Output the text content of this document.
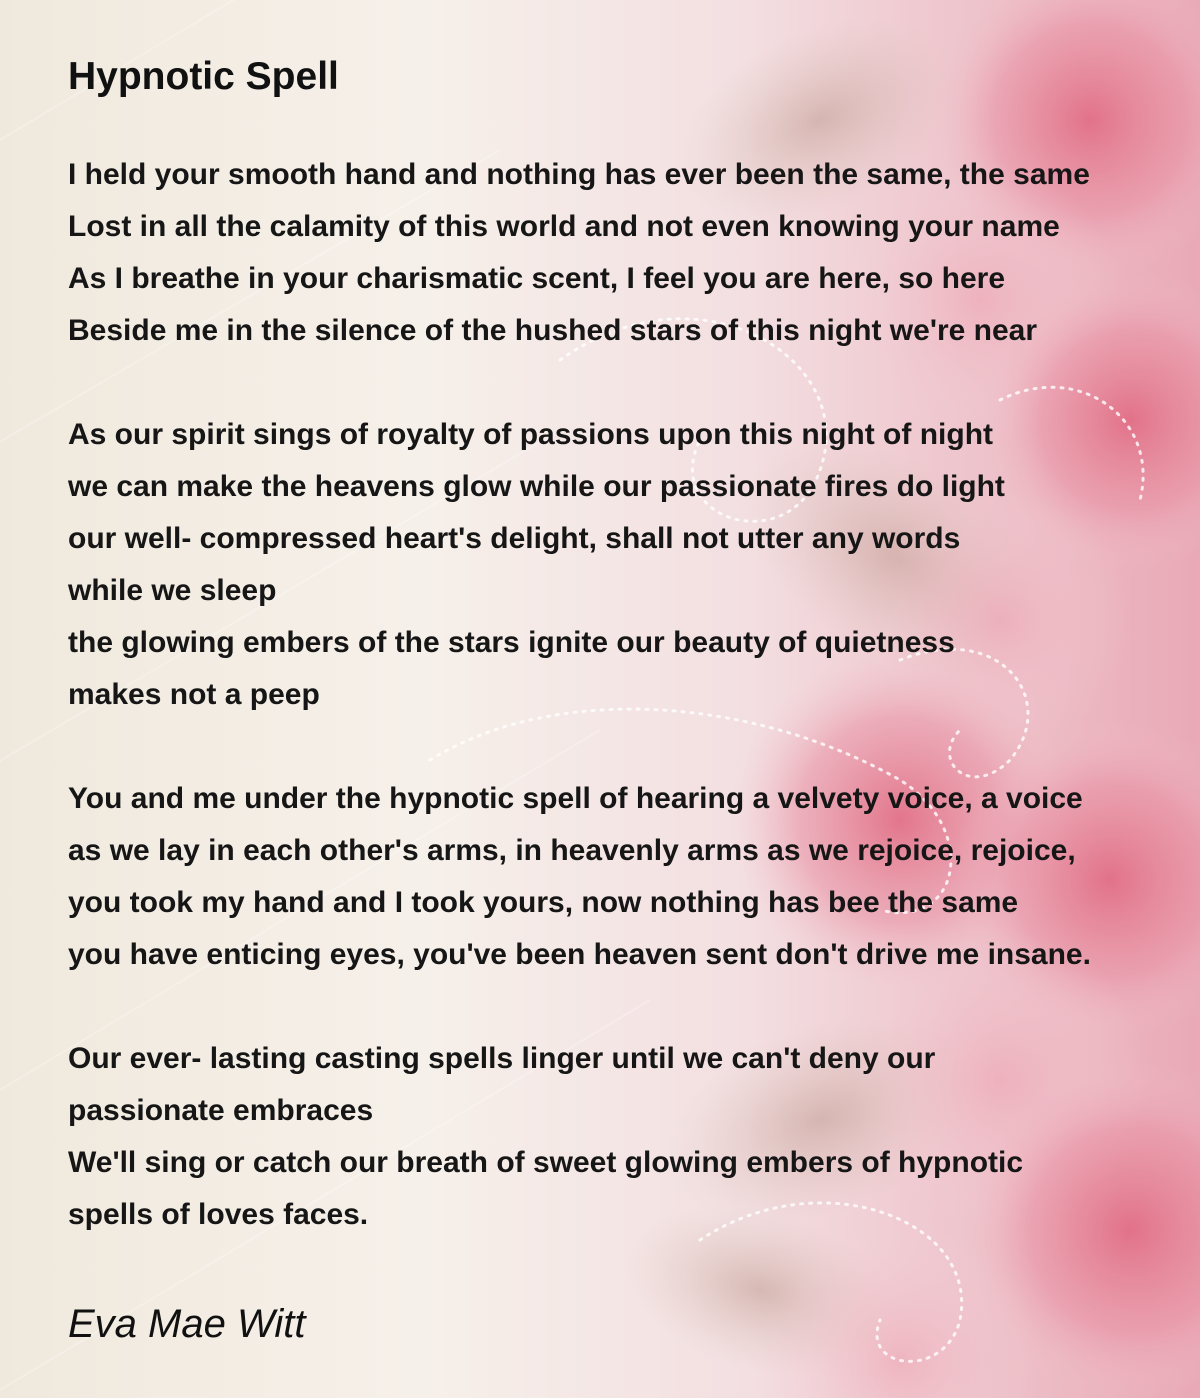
Hypnotic Spell
I held your smooth hand and nothing has ever been the same, the same
Lost in all the calamity of this world and not even knowing your name
As I breathe in your charismatic scent, I feel you are here, so here
Beside me in the silence of the hushed stars of this night we're near
As our spirit sings of royalty of passions upon this night of night
we can make the heavens glow while our passionate fires do light
our well- compressed heart's delight, shall not utter any words
while we sleep
the glowing embers of the stars ignite our beauty of quietness
makes not a peep
You and me under the hypnotic spell of hearing a velvety voice, a voice
as we lay in each other's arms, in heavenly arms as we rejoice, rejoice,
you took my hand and I took yours, now nothing has bee the same
you have enticing eyes, you've been heaven sent don't drive me insane.
Our ever- lasting casting spells linger until we can't deny our
passionate embraces
We'll sing or catch our breath of sweet glowing embers of hypnotic
spells of loves faces.
Eva Mae Witt
